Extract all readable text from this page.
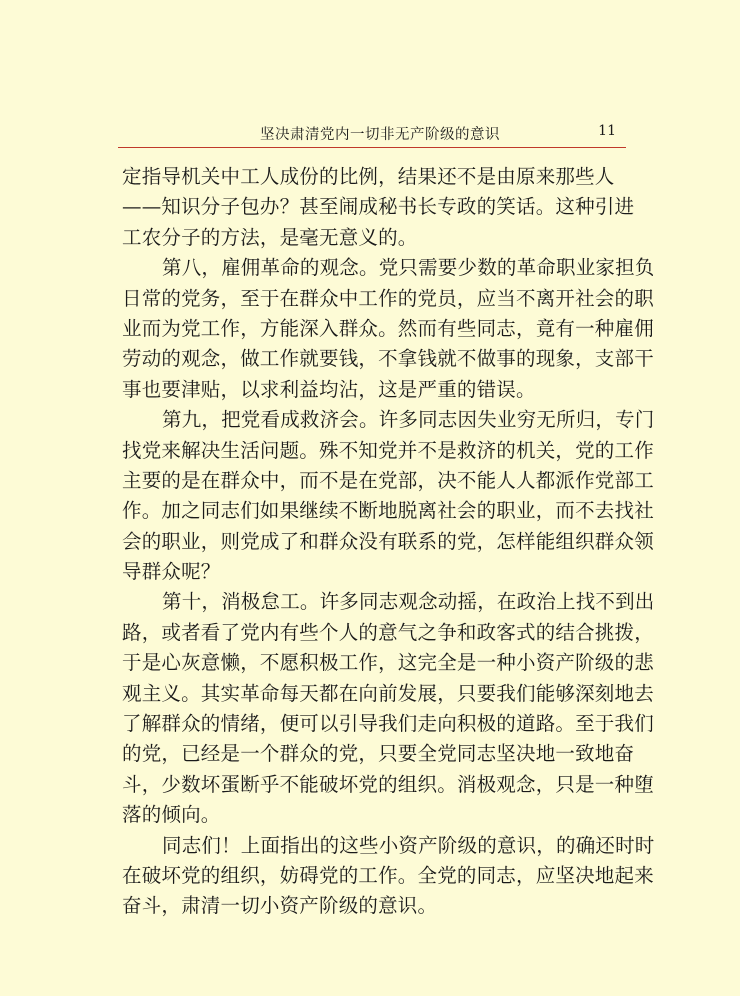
坚决肃清党内一切非无产阶级的意识	11
定指导机关中工人成份的比例，结果还不是由原来那些人
——知识分子包办？甚至闹成秘书长专政的笑话。这种引进
工农分子的方法，是毫无意义的。
第八，雇佣革命的观念。党只需要少数的革命职业家担负
日常的党务，至于在群众中工作的党员，应当不离开社会的职
业而为党工作，方能深入群众。然而有些同志，竟有一种雇佣
劳动的观念，做工作就要钱，不拿钱就不做事的现象，支部干
事也要津贴，以求利益均沾，这是严重的错误。
第九，把党看成救济会。许多同志因失业穷无所归，专门
找党来解决生活问题。殊不知党并不是救济的机关，党的工作
主要的是在群众中，而不是在党部，决不能人人都派作党部工
作。加之同志们如果继续不断地脱离社会的职业，而不去找社
会的职业，则党成了和群众没有联系的党，怎样能组织群众领
导群众呢？
第十，消极怠工。许多同志观念动摇，在政治上找不到出
路，或者看了党内有些个人的意气之争和政客式的结合挑拨，
于是心灰意懒，不愿积极工作，这完全是一种小资产阶级的悲
观主义。其实革命每天都在向前发展，只要我们能够深刻地去
了解群众的情绪，便可以引导我们走向积极的道路。至于我们
的党，已经是一个群众的党，只要全党同志坚决地一致地奋
斗，少数坏蛋断乎不能破坏党的组织。消极观念，只是一种堕
落的倾向。
同志们！上面指出的这些小资产阶级的意识，的确还时时
在破坏党的组织，妨碍党的工作。全党的同志，应坚决地起来
奋斗，肃清一切小资产阶级的意识。
